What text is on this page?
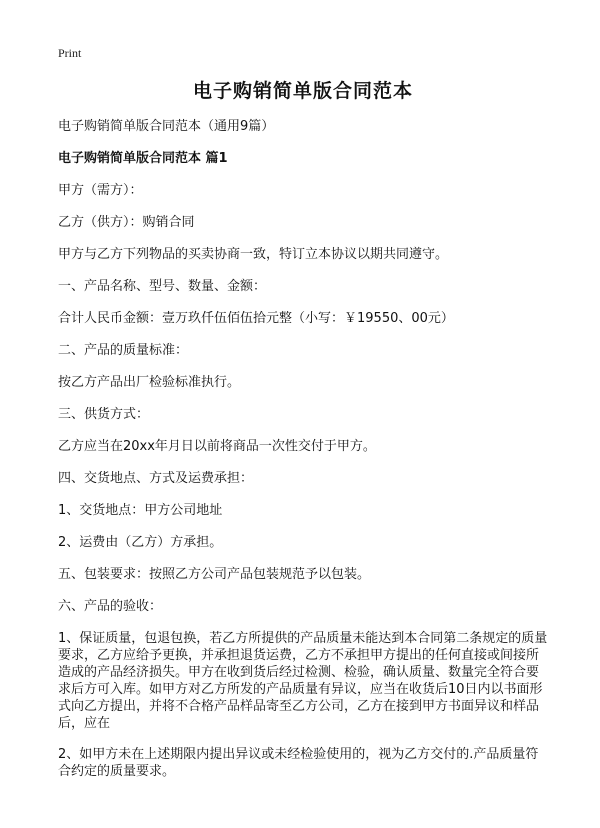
Print
电子购销简单版合同范本
电子购销简单版合同范本（通用9篇）
电子购销简单版合同范本 篇1
甲方（需方）：
乙方（供方）：购销合同
甲方与乙方下列物品的买卖协商一致，特订立本协议以期共同遵守。
一、产品名称、型号、数量、金额：
合计人民币金额：壹万玖仟伍佰伍拾元整（小写：￥19550、00元）
二、产品的质量标准：
按乙方产品出厂检验标准执行。
三、供货方式：
乙方应当在20xx年月日以前将商品一次性交付于甲方。
四、交货地点、方式及运费承担：
1、交货地点：甲方公司地址
2、运费由（乙方）方承担。
五、包装要求：按照乙方公司产品包装规范予以包装。
六、产品的验收：
1、保证质量，包退包换，若乙方所提供的产品质量未能达到本合同第二条规定的质量要求，乙方应给予更换，并承担退货运费，乙方不承担甲方提出的任何直接或间接所造成的产品经济损失。甲方在收到货后经过检测、检验，确认质量、数量完全符合要求后方可入库。如甲方对乙方所发的产品质量有异议，应当在收货后10日内以书面形式向乙方提出，并将不合格产品样品寄至乙方公司，乙方在接到甲方书面异议和样品后，应在
2、如甲方未在上述期限内提出异议或未经检验使用的，视为乙方交付的.产品质量符合约定的质量要求。
